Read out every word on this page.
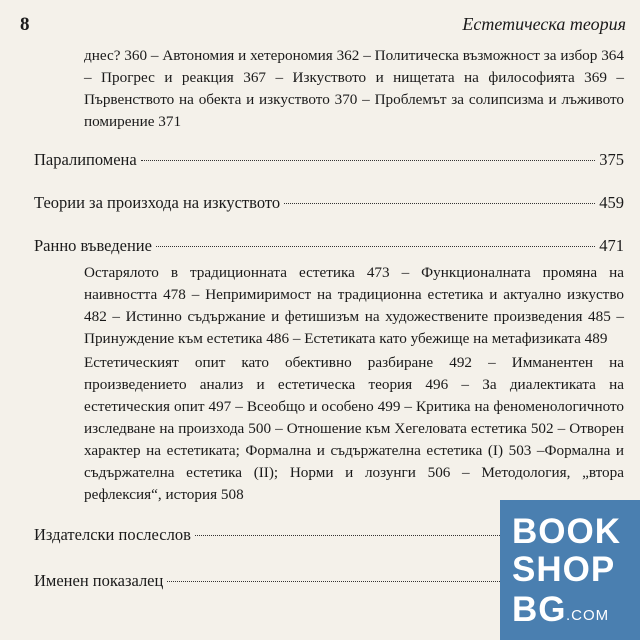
8	Естетическа теория
днес? 360 – Автономия и хетерономия 362 – Политическа възможност за избор 364 – Прогрес и реакция 367 – Изкуството и нищетата на философията 369 – Първенството на обекта и изкуството 370 – Проблемът за солипсизма и лъживото помирение 371
Паралипомена	375
Теории за произхода на изкуството	459
Ранно въведение	471
Остарялото в традиционната естетика 473 – Функционалната промяна на наивността 478 – Непримиримост на традиционна естетика и актуално изкуство 482 – Истинно съдържание и фетишизъм на художествените произведения 485 – Принуждение към естетика 486 – Естетиката като убежище на метафизиката 489
Естетическият опит като обективно разбиране 492 – Имманентен на произведението анализ и естетическа теория 496 – За диалектиката на естетическия опит 497 – Всеобщо и особено 499 – Критика на феноменологичното изследване на произхода 500 – Отношение към Хегеловата естетика 502 – Отворен характер на естетиката; Формална и съдържателна естетика (I) 503 –Формална и съдържателна естетика (II); Норми и лозунги 506 – Методология, „втора рефлексия“, история 508
Издателски послеслов
Именен показалец
BOOK
SHOP
BG .COM
